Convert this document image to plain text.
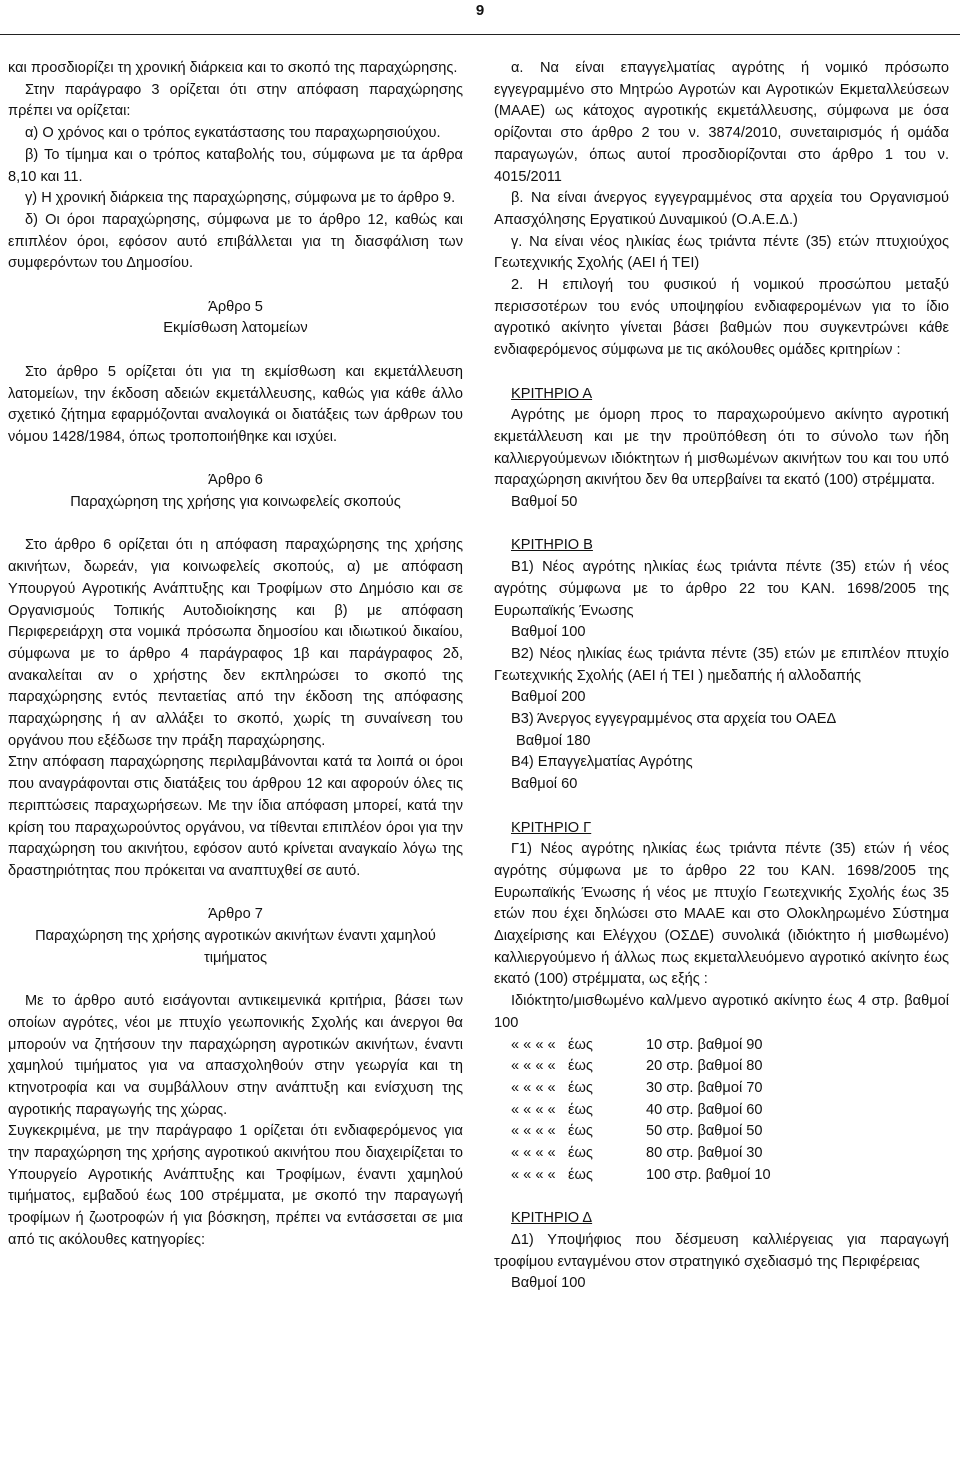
9

και προσδιορίζει τη χρονική διάρκεια και το σκοπό της παραχώρησης.

Στην παράγραφο 3 ορίζεται ότι στην απόφαση παραχώρησης πρέπει να ορίζεται:

α) Ο χρόνος και ο τρόπος εγκατάστασης του παραχωρησιούχου.

β) Το τίμημα και ο τρόπος καταβολής του, σύμφωνα με τα άρθρα 8,10 και 11.

γ) Η χρονική διάρκεια της παραχώρησης, σύμφωνα με το άρθρο 9.

δ) Οι όροι παραχώρησης, σύμφωνα με το άρθρο 12, καθώς και επιπλέον όροι, εφόσον αυτό επιβάλλεται για τη διασφάλιση των συμφερόντων του Δημοσίου.

Άρθρο 5

Εκμίσθωση λατομείων

Στο άρθρο 5 ορίζεται ότι για τη εκμίσθωση και εκμετάλλευση λατομείων, την έκδοση αδειών εκμετάλλευσης, καθώς για κάθε άλλο σχετικό ζήτημα εφαρμόζονται αναλογικά οι διατάξεις των άρθρων του νόμου 1428/1984, όπως τροποποιήθηκε και ισχύει.

Άρθρο 6

Παραχώρηση της χρήσης για κοινωφελείς σκοπούς

Στο άρθρο 6 ορίζεται ότι η απόφαση παραχώρησης της χρήσης ακινήτων, δωρεάν, για κοινωφελείς σκοπούς, α) με απόφαση Υπουργού Αγροτικής Ανάπτυξης και Τροφίμων στο Δημόσιο και σε Οργανισμούς Τοπικής Αυτοδιοίκησης και β) με απόφαση Περιφερειάρχη στα νομικά πρόσωπα δημοσίου και ιδιωτικού δικαίου, σύμφωνα με το άρθρο 4 παράγραφος 1β και παράγραφος 2δ, ανακαλείται αν ο χρήστης δεν εκπληρώσει το σκοπό της παραχώρησης εντός πενταετίας από την έκδοση της απόφασης παραχώρησης ή αν αλλάξει το σκοπό, χωρίς τη συναίνεση του οργάνου που εξέδωσε την πράξη παραχώρησης.

Στην απόφαση παραχώρησης περιλαμβάνονται κατά τα λοιπά οι όροι που αναγράφονται στις διατάξεις του άρθρου 12 και αφορούν όλες τις περιπτώσεις παραχωρήσεων. Με την ίδια απόφαση μπορεί, κατά την κρίση του παραχωρούντος οργάνου, να τίθενται επιπλέον όροι για την παραχώρηση του ακινήτου, εφόσον αυτό κρίνεται αναγκαίο λόγω της δραστηριότητας που πρόκειται να αναπτυχθεί σε αυτό.

Άρθρο 7

Παραχώρηση της χρήσης αγροτικών ακινήτων έναντι χαμηλού τιμήματος

Με το άρθρο αυτό εισάγονται αντικειμενικά κριτήρια, βάσει των οποίων αγρότες, νέοι με πτυχίο γεωπονικής Σχολής και άνεργοι θα μπορούν να ζητήσουν την παραχώρηση αγροτικών ακινήτων, έναντι χαμηλού τιμήματος για να απασχοληθούν στην γεωργία και τη κτηνοτροφία και να συμβάλλουν στην ανάπτυξη και ενίσχυση της αγροτικής παραγωγής της χώρας.

Συγκεκριμένα, με την παράγραφο 1 ορίζεται ότι ενδιαφερόμενος για την παραχώρηση της χρήσης αγροτικού ακινήτου που διαχειρίζεται το Υπουργείο Αγροτικής Ανάπτυξης και Τροφίμων, έναντι χαμηλού τιμήματος, εμβαδού έως 100 στρέμματα, με σκοπό την παραγωγή τροφίμων ή ζωοτροφών ή για βόσκηση, πρέπει να εντάσσεται σε μια από τις ακόλουθες κατηγορίες:

α. Να είναι επαγγελματίας αγρότης ή νομικό πρόσωπο εγγεγραμμένο στο Μητρώο Αγροτών και Αγροτικών Εκμεταλλεύσεων (ΜΑΑΕ) ως κάτοχος αγροτικής εκμετάλλευσης, σύμφωνα με όσα ορίζονται στο άρθρο 2 του ν. 3874/2010, συνεταιρισμός ή ομάδα παραγωγών, όπως αυτοί προσδιορίζονται στο άρθρο 1 του ν. 4015/2011

β. Να είναι άνεργος εγγεγραμμένος στα αρχεία του Οργανισμού Απασχόλησης Εργατικού Δυναμικού (Ο.Α.Ε.Δ.)

γ. Να είναι νέος ηλικίας έως τριάντα πέντε (35) ετών πτυχιούχος Γεωτεχνικής Σχολής (ΑΕΙ ή ΤΕΙ)

2. Η επιλογή του φυσικού ή νομικού προσώπου μεταξύ περισσοτέρων του ενός υποψηφίου ενδιαφερομένων για το ίδιο αγροτικό ακίνητο γίνεται βάσει βαθμών που συγκεντρώνει κάθε ενδιαφερόμενος σύμφωνα με τις ακόλουθες ομάδες κριτηρίων :

ΚΡΙΤΗΡΙΟ Α

Αγρότης με όμορη προς το παραχωρούμενο ακίνητο αγροτική εκμετάλλευση και με την προϋπόθεση ότι το σύνολο των ήδη καλλιεργούμενων ιδιόκτητων ή μισθωμένων ακινήτων του και του υπό παραχώρηση ακινήτου δεν θα υπερβαίνει τα εκατό (100) στρέμματα.

Βαθμοί 50

ΚΡΙΤΗΡΙΟ Β

Β1) Νέος αγρότης ηλικίας έως τριάντα πέντε (35) ετών ή νέος αγρότης σύμφωνα με το άρθρο 22 του ΚΑΝ. 1698/2005 της Ευρωπαϊκής Ένωσης

Βαθμοί 100

Β2) Νέος ηλικίας έως τριάντα πέντε (35) ετών με επιπλέον πτυχίο Γεωτεχνικής Σχολής (ΑΕΙ ή ΤΕΙ ) ημεδαπής ή αλλοδαπής

Βαθμοί 200

Β3) Άνεργος εγγεγραμμένος στα αρχεία του ΟΑΕΔ

Βαθμοί 180

Β4) Επαγγελματίας Αγρότης

Βαθμοί 60

ΚΡΙΤΗΡΙΟ Γ

Γ1) Νέος αγρότης ηλικίας έως τριάντα πέντε (35) ετών ή νέος αγρότης σύμφωνα με το άρθρο 22 του ΚΑΝ. 1698/2005 της Ευρωπαϊκής Ένωσης ή νέος με πτυχίο Γεωτεχνικής Σχολής έως 35 ετών που έχει δηλώσει στο ΜΑΑΕ και στο Ολοκληρωμένο Σύστημα Διαχείρισης και Ελέγχου (ΟΣΔΕ) συνολικά (ιδιόκτητο ή μισθωμένο) καλλιεργούμενο ή άλλως πως εκμεταλλευόμενο αγροτικό ακίνητο έως εκατό (100) στρέμματα, ως εξής :

Ιδιόκτητο/μισθωμένο καλ/μενο αγροτικό ακίνητο έως 4 στρ. βαθμοί 100

« « « « έως	10 στρ. βαθμοί 90
« « « « έως	20 στρ. βαθμοί 80
« « « « έως	30 στρ. βαθμοί 70
« « « « έως	40 στρ. βαθμοί 60
« « « « έως	50 στρ. βαθμοί 50
« « « « έως	80 στρ. βαθμοί 30
« « « « έως	100 στρ. βαθμοί 10

ΚΡΙΤΗΡΙΟ Δ

Δ1) Υποψήφιος που δέσμευση καλλιέργειας για παραγωγή τροφίμου ενταγμένου στον στρατηγικό σχεδιασμό της Περιφέρειας

Βαθμοί 100
